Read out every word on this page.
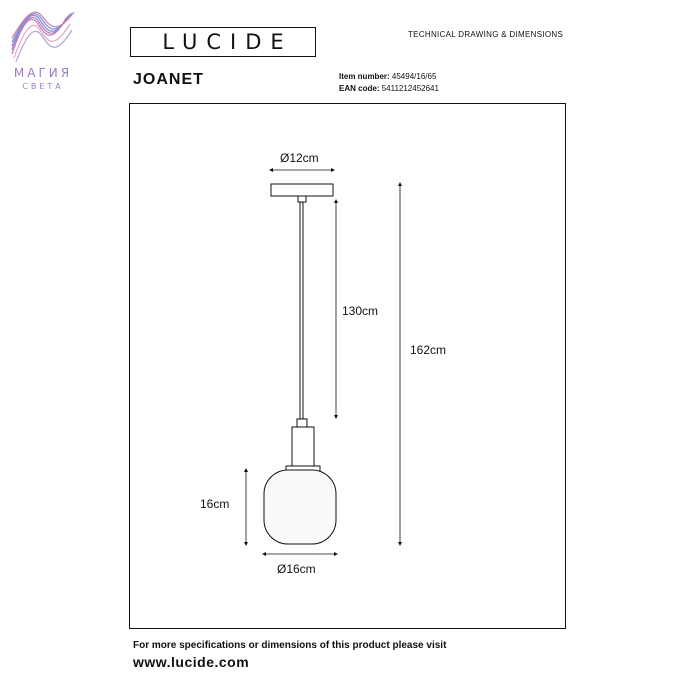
МАГИЯ
СВЕТА
LUCIDE	TECHNICAL DRAWING & DIMENSIONS
JOANET	Item number: 45494/16/65
EAN code: 5411212452641
Ø12cm
130cm
162cm
16cm
Ø16cm
For more specifications or dimensions of this product please visit
www.lucide.com
